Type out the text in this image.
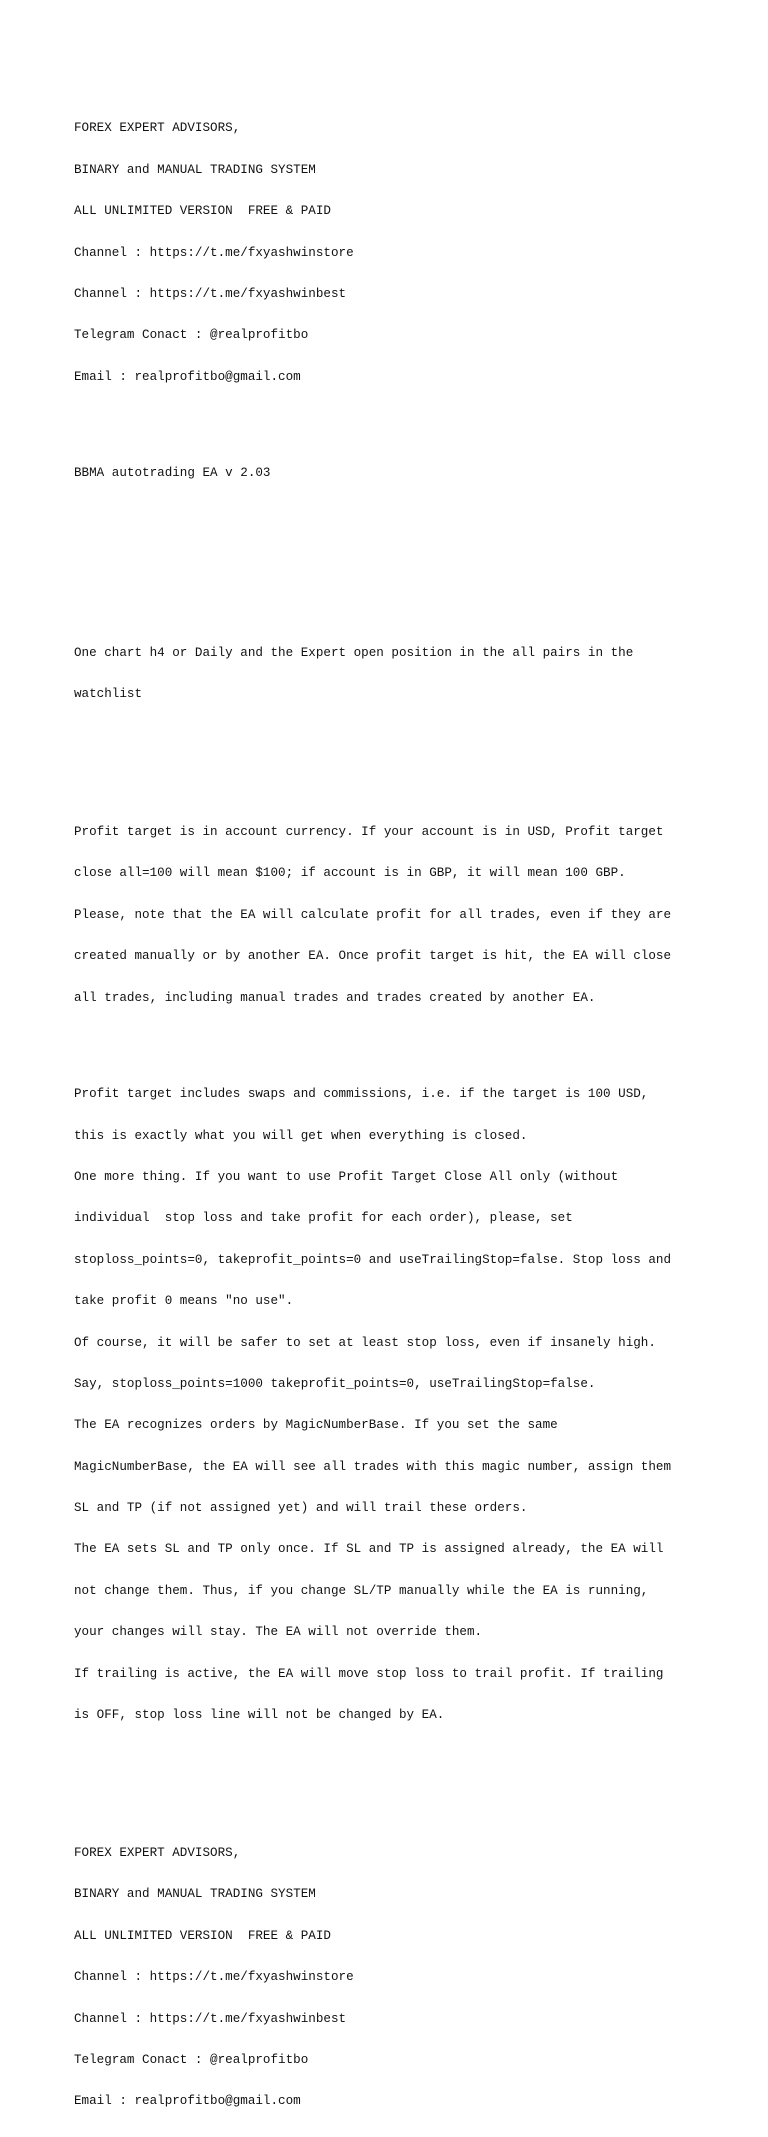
FOREX EXPERT ADVISORS,

BINARY and MANUAL TRADING SYSTEM

ALL UNLIMITED VERSION  FREE & PAID

Channel : https://t.me/fxyashwinstore

Channel : https://t.me/fxyashwinbest

Telegram Conact : @realprofitbo

Email : realprofitbo@gmail.com

BBMA autotrading EA v 2.03

One chart h4 or Daily and the Expert open position in the all pairs in the

watchlist

Profit target is in account currency. If your account is in USD, Profit target

close all=100 will mean $100; if account is in GBP, it will mean 100 GBP.

Please, note that the EA will calculate profit for all trades, even if they are

created manually or by another EA. Once profit target is hit, the EA will close

all trades, including manual trades and trades created by another EA.

Profit target includes swaps and commissions, i.e. if the target is 100 USD,

this is exactly what you will get when everything is closed.

One more thing. If you want to use Profit Target Close All only (without

individual  stop loss and take profit for each order), please, set

stoploss_points=0, takeprofit_points=0 and useTrailingStop=false. Stop loss and

take profit 0 means "no use".

Of course, it will be safer to set at least stop loss, even if insanely high.

Say, stoploss_points=1000 takeprofit_points=0, useTrailingStop=false.

The EA recognizes orders by MagicNumberBase. If you set the same

MagicNumberBase, the EA will see all trades with this magic number, assign them

SL and TP (if not assigned yet) and will trail these orders.

The EA sets SL and TP only once. If SL and TP is assigned already, the EA will

not change them. Thus, if you change SL/TP manually while the EA is running,

your changes will stay. The EA will not override them.

If trailing is active, the EA will move stop loss to trail profit. If trailing

is OFF, stop loss line will not be changed by EA.

FOREX EXPERT ADVISORS,

BINARY and MANUAL TRADING SYSTEM

ALL UNLIMITED VERSION  FREE & PAID

Channel : https://t.me/fxyashwinstore

Channel : https://t.me/fxyashwinbest

Telegram Conact : @realprofitbo

Email : realprofitbo@gmail.com
